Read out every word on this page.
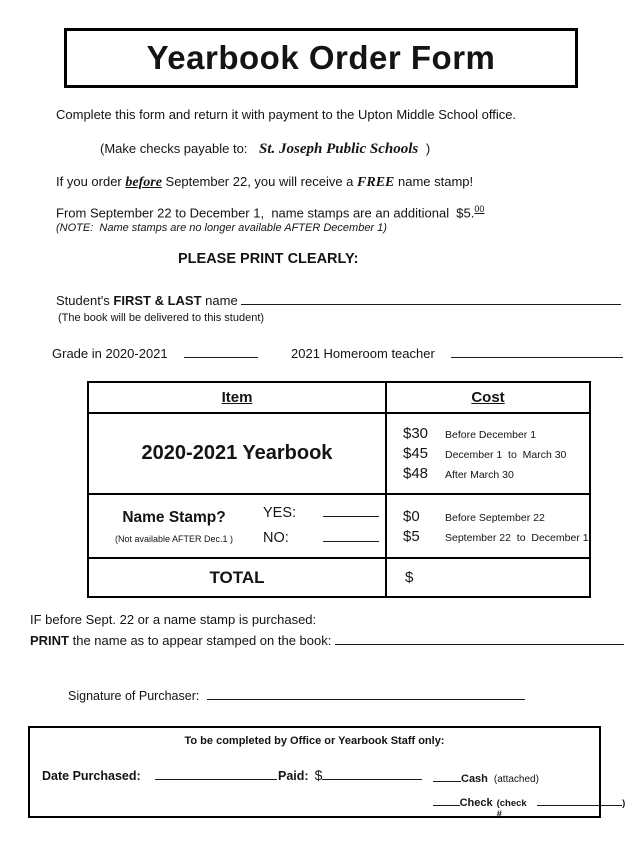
Yearbook Order Form
Complete this form and return it with payment to the Upton Middle School office.
(Make checks payable to: St. Joseph Public Schools )
If you order before September 22, you will receive a FREE name stamp!
From September 22 to December 1,  name stamps are an additional  $5.00
(NOTE:  Name stamps are no longer available AFTER December 1)
PLEASE PRINT CLEARLY:
Student's FIRST & LAST name
(The book will be delivered to this student)
Grade in 2020-2021	2021 Homeroom teacher
Item	Cost
2020-2021 Yearbook	
$30	Before December 1
$45	December 1  to  March 30
$48	After March 30

Name Stamp?
(Not available AFTER Dec.1 )
YES:
NO:

$0	Before September 22
$5	September 22  to  December 1

TOTAL	$
IF before Sept. 22 or a name stamp is purchased:
PRINT the name as to appear stamped on the book:
Signature of Purchaser:
To be completed by Office or Yearbook Staff only:
Date Purchased:	Paid: $	Cash (attached)
Check (check #
)
